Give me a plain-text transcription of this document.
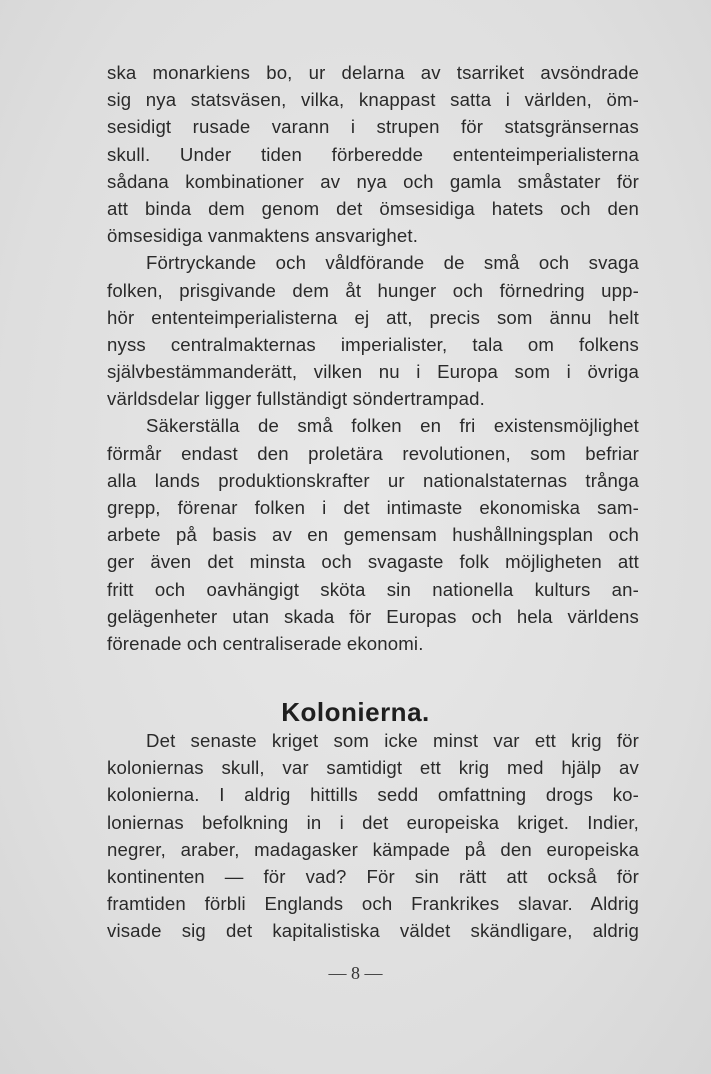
ska monarkiens bo, ur delarna av tsarriket avsöndrade
sig nya statsväsen, vilka, knappast satta i världen, öm-
sesidigt rusade varann i strupen för statsgränsernas
skull. Under tiden förberedde ententeimperialisterna
sådana kombinationer av nya och gamla småstater för
att binda dem genom det ömsesidiga hatets och den
ömsesidiga vanmaktens ansvarighet.
Förtryckande och våldförande de små och svaga
folken, prisgivande dem åt hunger och förnedring upp-
hör ententeimperialisterna ej att, precis som ännu helt
nyss centralmakternas imperialister, tala om folkens
självbestämmanderätt, vilken nu i Europa som i övriga
världsdelar ligger fullständigt söndertrampad.
Säkerställa de små folken en fri existensmöjlighet
förmår endast den proletära revolutionen, som befriar
alla lands produktionskrafter ur nationalstaternas trånga
grepp, förenar folken i det intimaste ekonomiska sam-
arbete på basis av en gemensam hushållningsplan och
ger även det minsta och svagaste folk möjligheten att
fritt och oavhängigt sköta sin nationella kulturs an-
gelägenheter utan skada för Europas och hela världens
förenade och centraliserade ekonomi.
Kolonierna.
Det senaste kriget som icke minst var ett krig för
koloniernas skull, var samtidigt ett krig med hjälp av
kolonierna. I aldrig hittills sedd omfattning drogs ko-
loniernas befolkning in i det europeiska kriget. Indier,
negrer, araber, madagasker kämpade på den europeiska
kontinenten — för vad? För sin rätt att också för
framtiden förbli Englands och Frankrikes slavar. Aldrig
visade sig det kapitalistiska väldet skändligare, aldrig
— 8 —
